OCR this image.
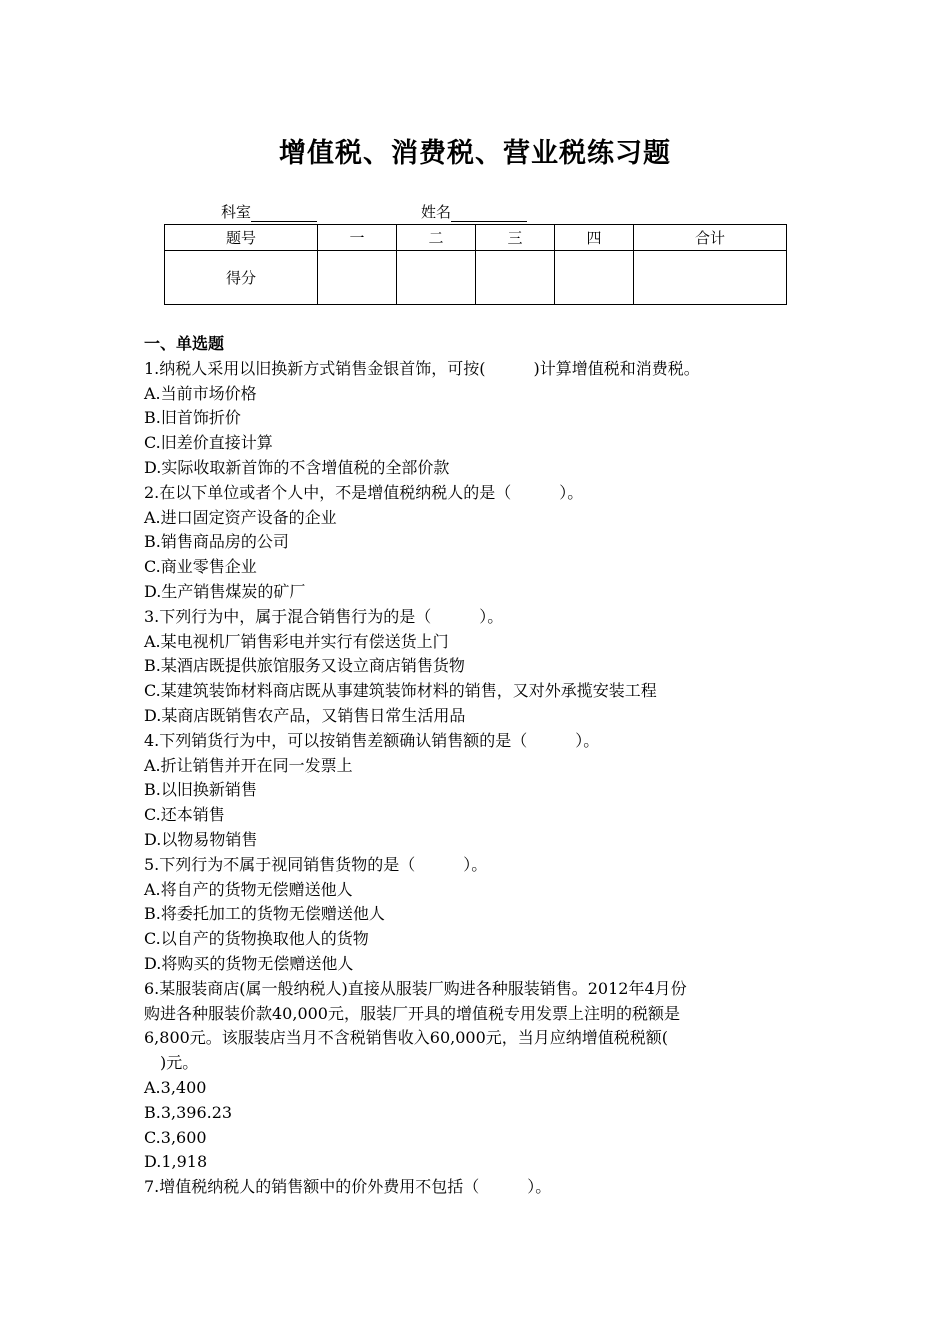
增值税、消费税、营业税练习题
科室	姓名
题号	一	二	三	四	合计
得分					
一、单选题
1.纳税人采用以旧换新方式销售金银首饰，可按(　　　)计算增值税和消费税。
A.当前市场价格
B.旧首饰折价
C.旧差价直接计算
D.实际收取新首饰的不含增值税的全部价款
2.在以下单位或者个人中，不是增值税纳税人的是（　　　）。
A.进口固定资产设备的企业
B.销售商品房的公司
C.商业零售企业
D.生产销售煤炭的矿厂
3.下列行为中，属于混合销售行为的是（　　　）。
A.某电视机厂销售彩电并实行有偿送货上门
B.某酒店既提供旅馆服务又设立商店销售货物
C.某建筑装饰材料商店既从事建筑装饰材料的销售，又对外承揽安装工程
D.某商店既销售农产品，又销售日常生活用品
4.下列销货行为中，可以按销售差额确认销售额的是（　　　）。
A.折让销售并开在同一发票上
B.以旧换新销售
C.还本销售
D.以物易物销售
5.下列行为不属于视同销售货物的是（　　　）。
A.将自产的货物无偿赠送他人
B.将委托加工的货物无偿赠送他人
C.以自产的货物换取他人的货物
D.将购买的货物无偿赠送他人
6.某服装商店(属一般纳税人)直接从服装厂购进各种服装销售。2012年4月份
购进各种服装价款40,000元，服装厂开具的增值税专用发票上注明的税额是
6,800元。该服装店当月不含税销售收入60,000元，当月应纳增值税税额(
　)元。
A.3,400
B.3,396.23
C.3,600
D.1,918
7.增值税纳税人的销售额中的价外费用不包括（　　　）。
